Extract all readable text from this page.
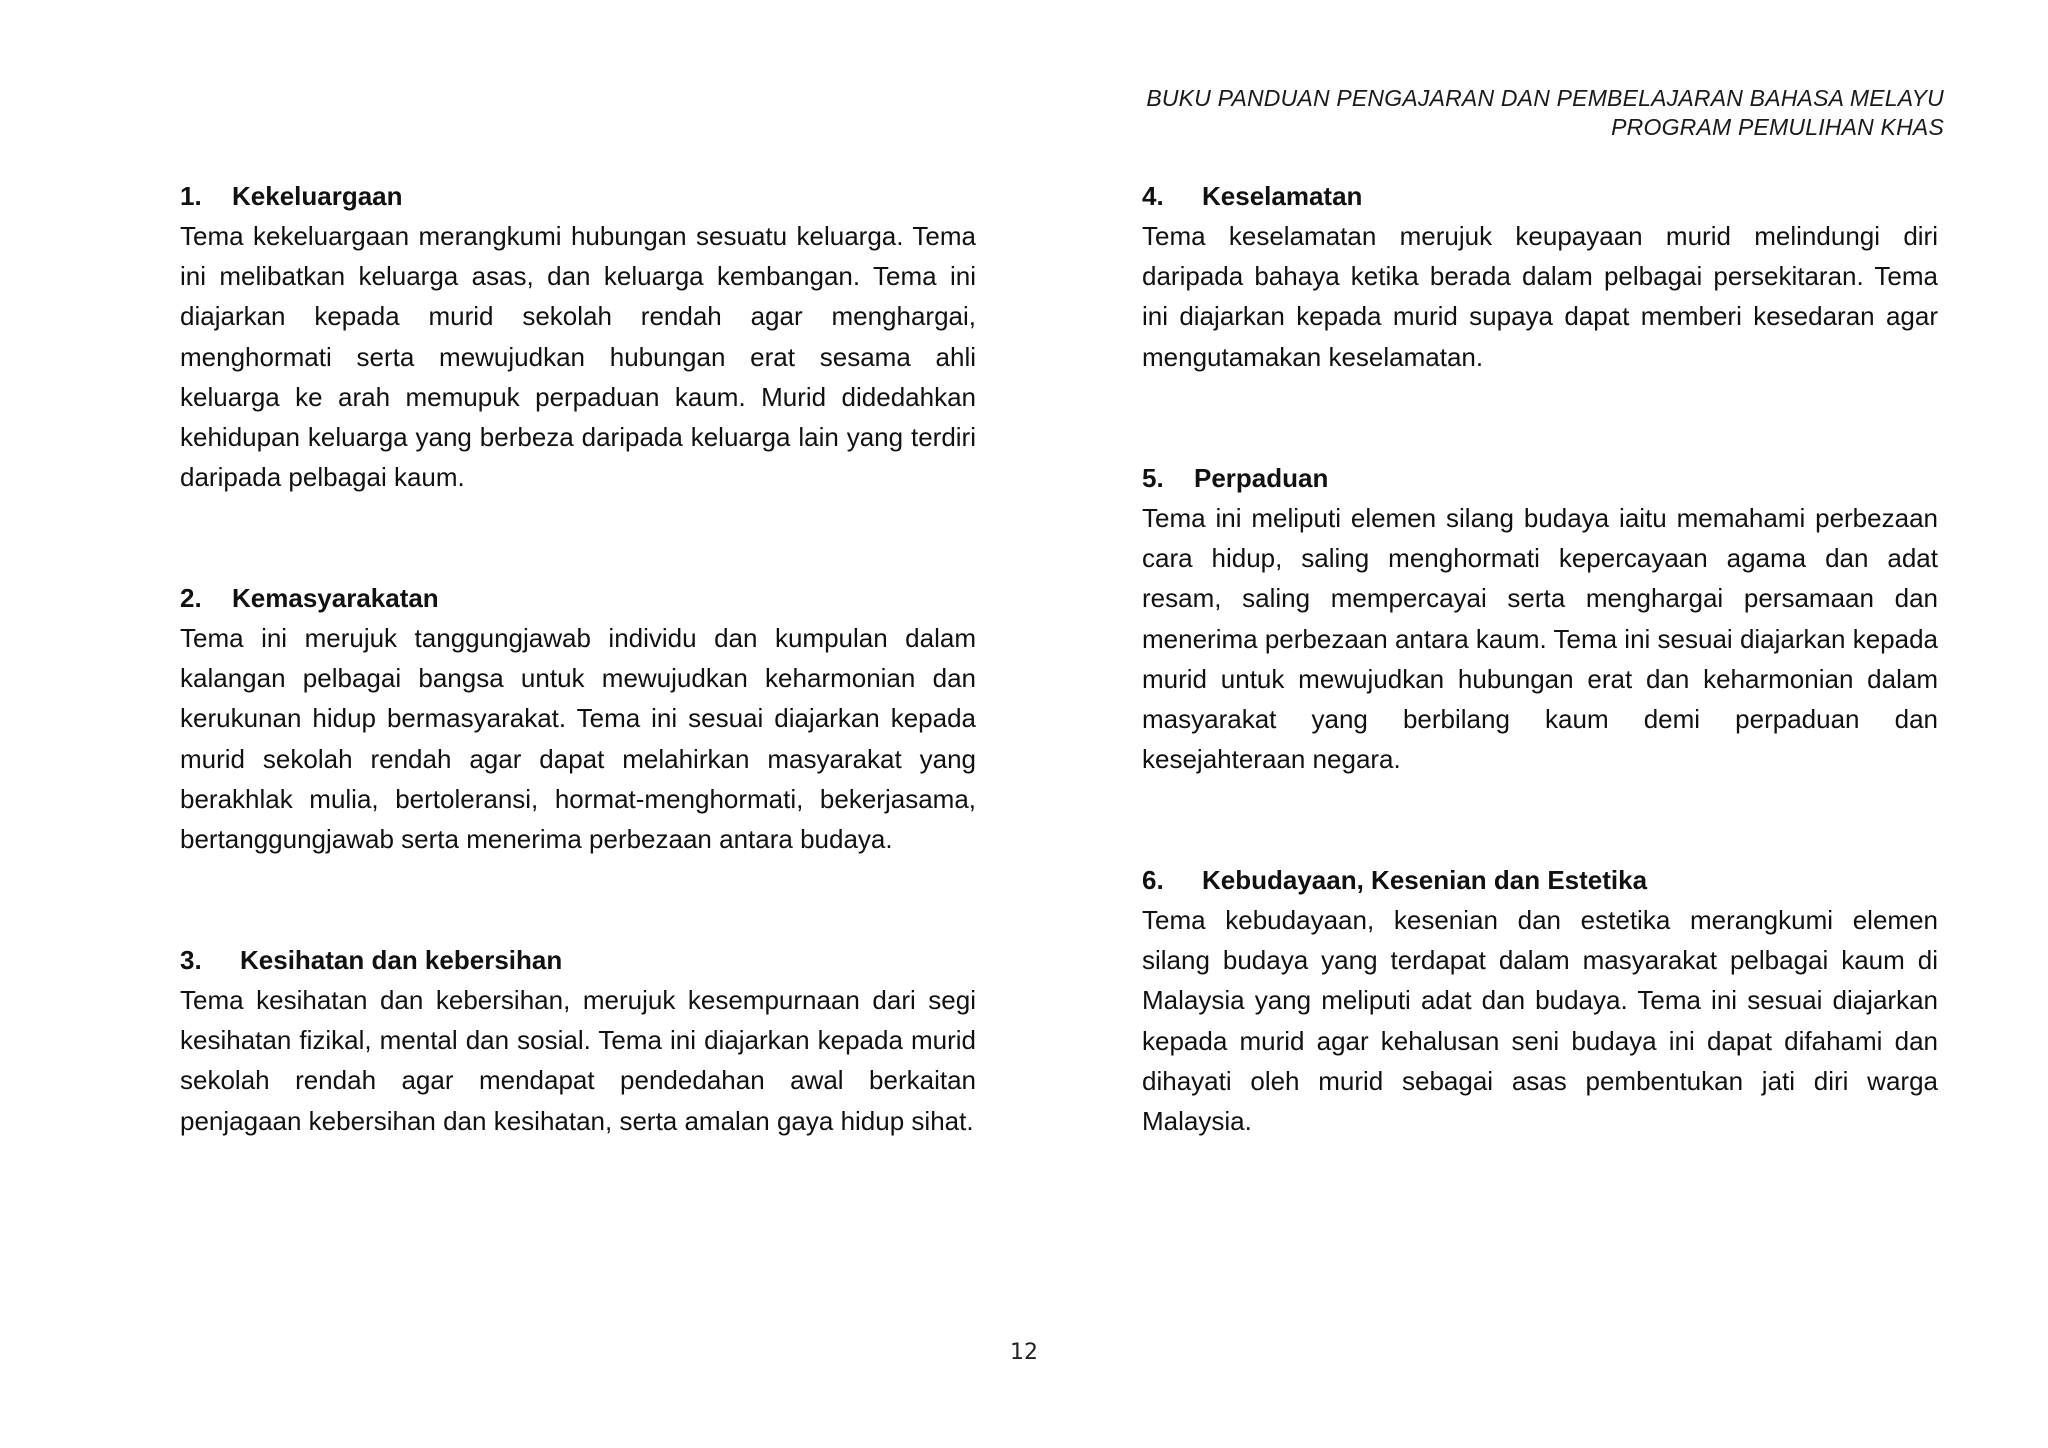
BUKU PANDUAN PENGAJARAN DAN PEMBELAJARAN BAHASA MELAYU
PROGRAM PEMULIHAN KHAS
1.	Kekeluargaan

Tema kekeluargaan merangkumi hubungan sesuatu keluarga. Tema ini melibatkan keluarga asas, dan keluarga kembangan. Tema ini diajarkan kepada murid sekolah rendah agar menghargai, menghormati serta mewujudkan hubungan erat sesama ahli keluarga ke arah memupuk perpaduan kaum. Murid didedahkan kehidupan keluarga yang berbeza daripada keluarga lain yang terdiri daripada pelbagai kaum.

2.	Kemasyarakatan

Tema ini merujuk tanggungjawab individu dan kumpulan dalam kalangan pelbagai bangsa untuk mewujudkan keharmonian dan kerukunan hidup bermasyarakat. Tema ini sesuai diajarkan kepada murid sekolah rendah agar dapat melahirkan masyarakat yang berakhlak mulia, bertoleransi, hormat-menghormati, bekerjasama, bertanggungjawab serta menerima perbezaan antara budaya.

3.	Kesihatan dan kebersihan

Tema kesihatan dan kebersihan, merujuk kesempurnaan dari segi kesihatan fizikal, mental dan sosial. Tema ini diajarkan kepada murid sekolah rendah agar mendapat pendedahan awal berkaitan penjagaan kebersihan dan kesihatan, serta amalan gaya hidup sihat.

4.	Keselamatan

Tema keselamatan merujuk keupayaan murid melindungi diri daripada bahaya ketika berada dalam pelbagai persekitaran. Tema ini diajarkan kepada murid supaya dapat memberi kesedaran agar mengutamakan keselamatan.

5.	Perpaduan

Tema ini meliputi elemen silang budaya iaitu memahami perbezaan cara hidup, saling menghormati kepercayaan agama dan adat resam, saling mempercayai serta menghargai persamaan dan menerima perbezaan antara kaum. Tema ini sesuai diajarkan kepada murid untuk mewujudkan hubungan erat dan keharmonian dalam masyarakat yang berbilang kaum demi perpaduan dan kesejahteraan negara.

6.	Kebudayaan, Kesenian dan Estetika

Tema kebudayaan, kesenian dan estetika merangkumi elemen silang budaya yang terdapat dalam masyarakat pelbagai kaum di Malaysia yang meliputi adat dan budaya. Tema ini sesuai diajarkan kepada murid agar kehalusan seni budaya ini dapat difahami dan dihayati oleh murid sebagai asas pembentukan jati diri warga Malaysia.

12
